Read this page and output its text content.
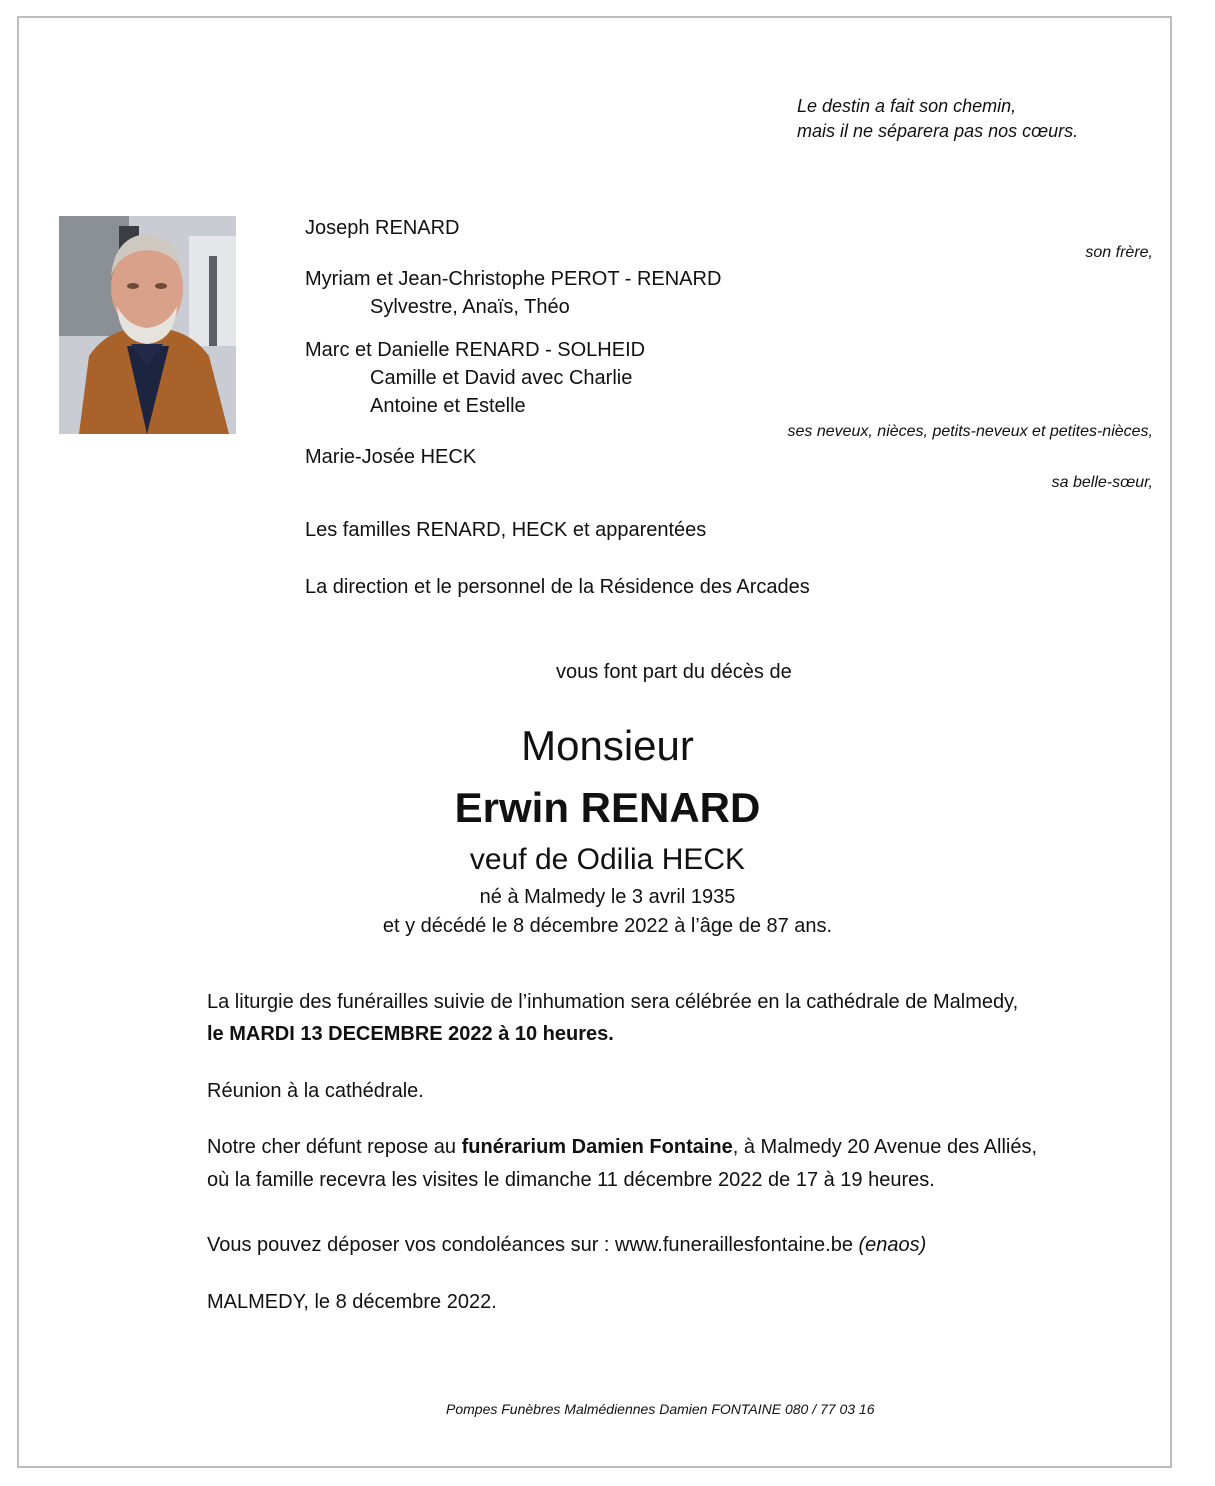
Le destin a fait son chemin,
mais il ne séparera pas nos cœurs.
Joseph RENARD
son frère,
Myriam et Jean-Christophe PEROT - RENARD
Sylvestre, Anaïs, Théo
Marc et Danielle RENARD - SOLHEID
Camille et David avec Charlie
Antoine et Estelle
ses neveux, nièces, petits-neveux et petites-nièces,
Marie-Josée HECK
sa belle-sœur,
Les familles RENARD, HECK et apparentées
La direction et le personnel de la Résidence des Arcades
vous font part du décès de
Monsieur
Erwin RENARD
veuf de Odilia HECK
né à Malmedy le 3 avril 1935
et y décédé le 8 décembre 2022 à l’âge de 87 ans.
La liturgie des funérailles suivie de l’inhumation sera célébrée en la cathédrale de Malmedy,
le MARDI 13 DECEMBRE 2022 à 10 heures.
Réunion à la cathédrale.
Notre cher défunt repose au funérarium Damien Fontaine, à Malmedy 20 Avenue des Alliés,
où la famille recevra les visites le dimanche 11 décembre 2022 de 17 à 19 heures.
Vous pouvez déposer vos condoléances sur : www.funeraillesfontaine.be (enaos)
MALMEDY, le 8 décembre 2022.
Pompes Funèbres Malmédiennes Damien FONTAINE 080 / 77 03 16
